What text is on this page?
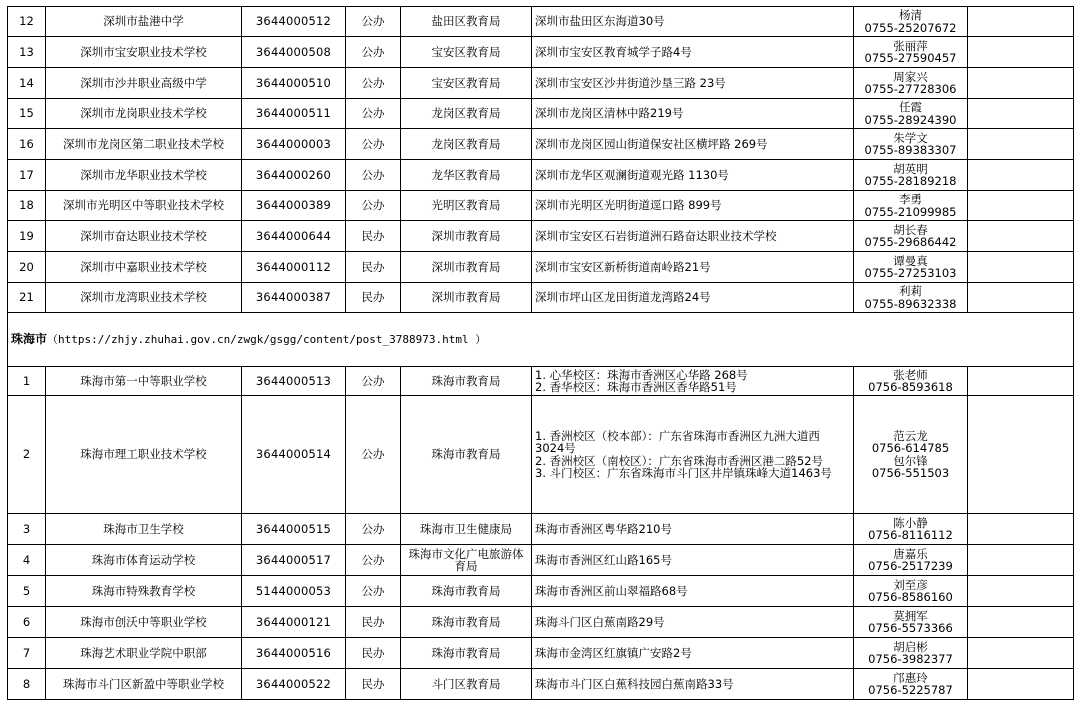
12	深圳市盐港中学	3644000512	公办	盐田区教育局	深圳市盐田区东海道30号	杨清
0755-25207672	

13	深圳市宝安职业技术学校	3644000508	公办	宝安区教育局	深圳市宝安区教育城学子路4号	张丽萍
0755-27590457	

14	深圳市沙井职业高级中学	3644000510	公办	宝安区教育局	深圳市宝安区沙井街道沙垦三路 23号	周家兴
0755-27728306	

15	深圳市龙岗职业技术学校	3644000511	公办	龙岗区教育局	深圳市龙岗区清林中路219号	任霞
0755-28924390	

16	深圳市龙岗区第二职业技术学校	3644000003	公办	龙岗区教育局	深圳市龙岗区园山街道保安社区横坪路 269号	朱学文
0755-89383307	

17	深圳市龙华职业技术学校	3644000260	公办	龙华区教育局	深圳市龙华区观澜街道观光路 1130号	胡英明
0755-28189218	

18	深圳市光明区中等职业技术学校	3644000389	公办	光明区教育局	深圳市光明区光明街道逕口路 899号	李勇
0755-21099985	

19	深圳市奋达职业技术学校	3644000644	民办	深圳市教育局	深圳市宝安区石岩街道洲石路奋达职业技术学校	胡长春
0755-29686442	

20	深圳市中嘉职业技术学校	3644000112	民办	深圳市教育局	深圳市宝安区新桥街道南岭路21号	谭曼真
0755-27253103	

21	深圳市龙湾职业技术学校	3644000387	民办	深圳市教育局	深圳市坪山区龙田街道龙湾路24号	利莉
0755-89632338	

珠海市（https://zhjy.zhuhai.gov.cn/zwgk/gsgg/content/post_3788973.html ）							
1	珠海市第一中等职业学校	3644000513	公办	珠海市教育局	1. 心华校区：珠海市香洲区心华路 268号
2. 香华校区：珠海市香洲区香华路51号	张老师
0756-8593618	

2	珠海市理工职业技术学校	3644000514	公办	珠海市教育局	1. 香洲校区（校本部）：广东省珠海市香洲区九洲大道西
3024号
2. 香洲校区（南校区）：广东省珠海市香洲区港二路52号
3. 斗门校区：广东省珠海市斗门区井岸镇珠峰大道1463号	范云龙
0756-614785
包尔锋
0756-551503	

3	珠海市卫生学校	3644000515	公办	珠海市卫生健康局	珠海市香洲区粤华路210号	陈小静
0756-8116112	

4	珠海市体育运动学校	3644000517	公办	珠海市文化广电旅游体育局	珠海市香洲区红山路165号	唐嘉乐
0756-2517239	

5	珠海市特殊教育学校	5144000053	公办	珠海市教育局	珠海市香洲区前山翠福路68号	刘至彦
0756-8586160	

6	珠海市创沃中等职业学校	3644000121	民办	珠海市教育局	珠海斗门区白蕉南路29号	莫拥军
0756-5573366	

7	珠海艺术职业学院中职部	3644000516	民办	珠海市教育局	珠海市金湾区红旗镇广安路2号	胡启彬
0756-3982377	

8	珠海市斗门区新盈中等职业学校	3644000522	民办	斗门区教育局	珠海市斗门区白蕉科技园白蕉南路33号	邝惠玲
0756-5225787	
